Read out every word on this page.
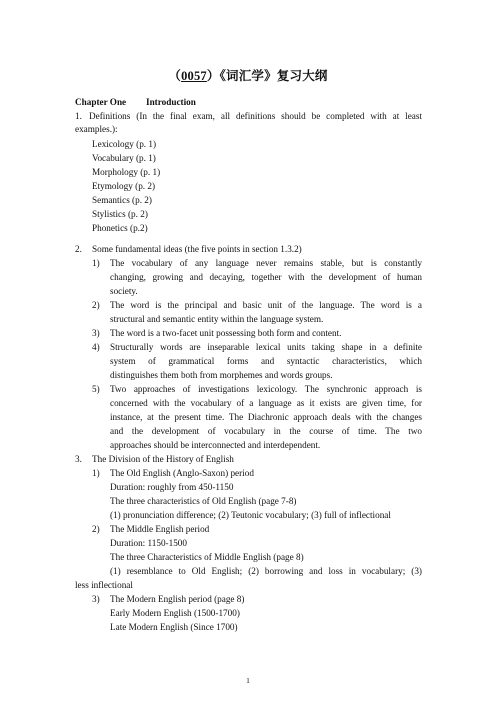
（0057）《词汇学》复习大纲
Chapter One Introduction
1. Definitions (In the final exam, all definitions should be completed with at least
examples.):
Lexicology (p. 1)
Vocabulary (p. 1)
Morphology (p. 1)
Etymology (p. 2)
Semantics (p. 2)
Stylistics (p. 2)
Phonetics (p.2)
2. Some fundamental ideas (the five points in section 1.3.2)
1) The vocabulary of any language never remains stable, but is constantly
changing, growing and decaying, together with the development of human
society.
2) The word is the principal and basic unit of the language. The word is a
structural and semantic entity within the language system.
3) The word is a two-facet unit possessing both form and content.
4) Structurally words are inseparable lexical units taking shape in a definite
system of grammatical forms and syntactic characteristics, which
distinguishes them both from morphemes and words groups.
5) Two approaches of investigations lexicology. The synchronic approach is
concerned with the vocabulary of a language as it exists are given time, for
instance, at the present time. The Diachronic approach deals with the changes
and the development of vocabulary in the course of time. The two
approaches should be interconnected and interdependent.
3. The Division of the History of English
1) The Old English (Anglo-Saxon) period
Duration: roughly from 450-1150
The three characteristics of Old English (page 7-8)
(1) pronunciation difference; (2) Teutonic vocabulary; (3) full of inflectional
2) The Middle English period
Duration: 1150-1500
The three Characteristics of Middle English (page 8)
(1) resemblance to Old English; (2) borrowing and loss in vocabulary; (3)
less inflectional
3) The Modern English period (page 8)
Early Modern English (1500-1700)
Late Modern English (Since 1700)
1
